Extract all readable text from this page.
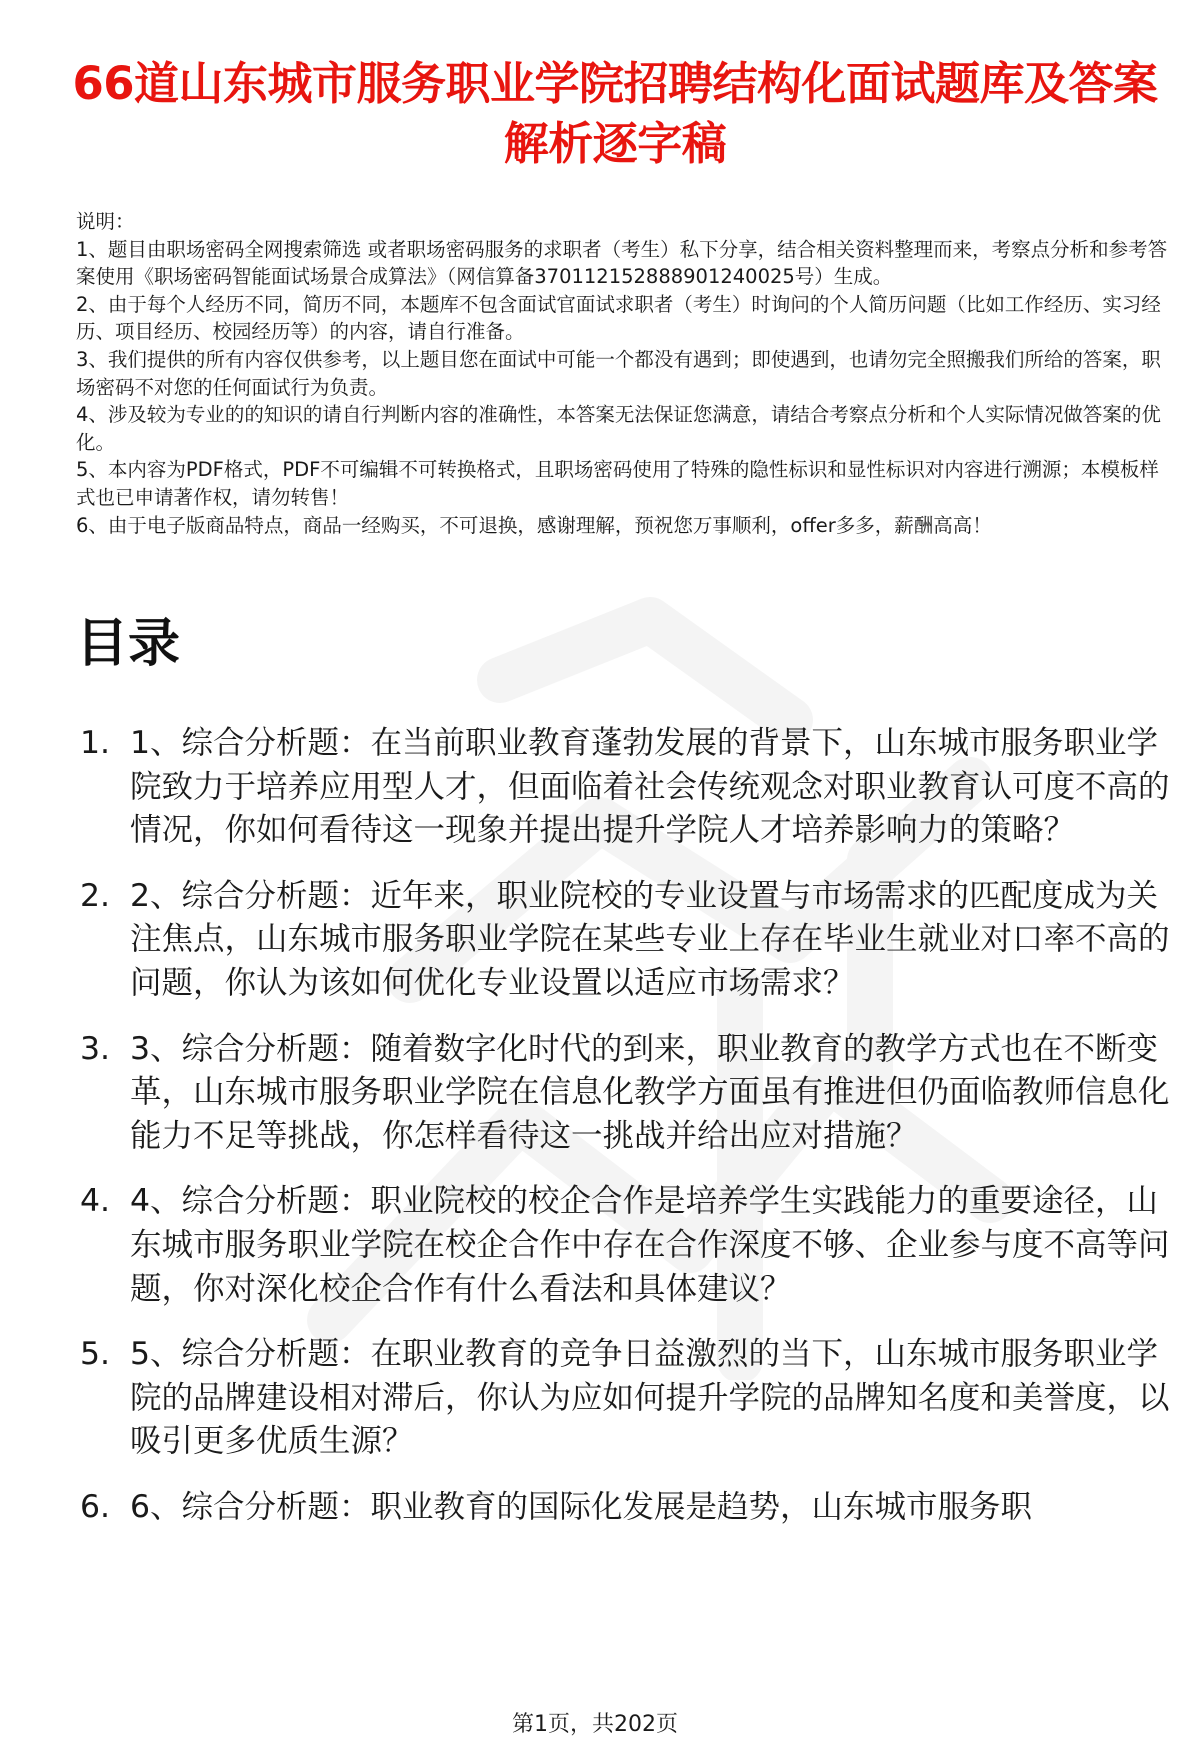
66道山东城市服务职业学院招聘结构化面试题库及答案解析逐字稿

说明：

1、题目由职场密码全网搜索筛选 或者职场密码服务的求职者（考生）私下分享，结合相关资料整理而来，考察点分析和参考答案使用《职场密码智能面试场景合成算法》（网信算备370112152888901240025号）生成。

2、由于每个人经历不同，简历不同，本题库不包含面试官面试求职者（考生）时询问的个人简历问题（比如工作经历、实习经历、项目经历、校园经历等）的内容，请自行准备。

3、我们提供的所有内容仅供参考，以上题目您在面试中可能一个都没有遇到；即使遇到，也请勿完全照搬我们所给的答案，职场密码不对您的任何面试行为负责。

4、涉及较为专业的的知识的请自行判断内容的准确性，本答案无法保证您满意，请结合考察点分析和个人实际情况做答案的优化。

5、本内容为PDF格式，PDF不可编辑不可转换格式，且职场密码使用了特殊的隐性标识和显性标识对内容进行溯源；本模板样式也已申请著作权，请勿转售！

6、由于电子版商品特点，商品一经购买，不可退换，感谢理解，预祝您万事顺利，offer多多，薪酬高高！

目录
1. 1、综合分析题：在当前职业教育蓬勃发展的背景下，山东城市服务职业学院致力于培养应用型人才，但面临着社会传统观念对职业教育认可度不高的情况，你如何看待这一现象并提出提升学院人才培养影响力的策略？
2. 2、综合分析题：近年来，职业院校的专业设置与市场需求的匹配度成为关注焦点，山东城市服务职业学院在某些专业上存在毕业生就业对口率不高的问题，你认为该如何优化专业设置以适应市场需求？
3. 3、综合分析题：随着数字化时代的到来，职业教育的教学方式也在不断变革，山东城市服务职业学院在信息化教学方面虽有推进但仍面临教师信息化能力不足等挑战，你怎样看待这一挑战并给出应对措施？
4. 4、综合分析题：职业院校的校企合作是培养学生实践能力的重要途径，山东城市服务职业学院在校企合作中存在合作深度不够、企业参与度不高等问题，你对深化校企合作有什么看法和具体建议？
5. 5、综合分析题：在职业教育的竞争日益激烈的当下，山东城市服务职业学院的品牌建设相对滞后，你认为应如何提升学院的品牌知名度和美誉度，以吸引更多优质生源？
6. 6、综合分析题：职业教育的国际化发展是趋势，山东城市服务职
第1页，共202页
